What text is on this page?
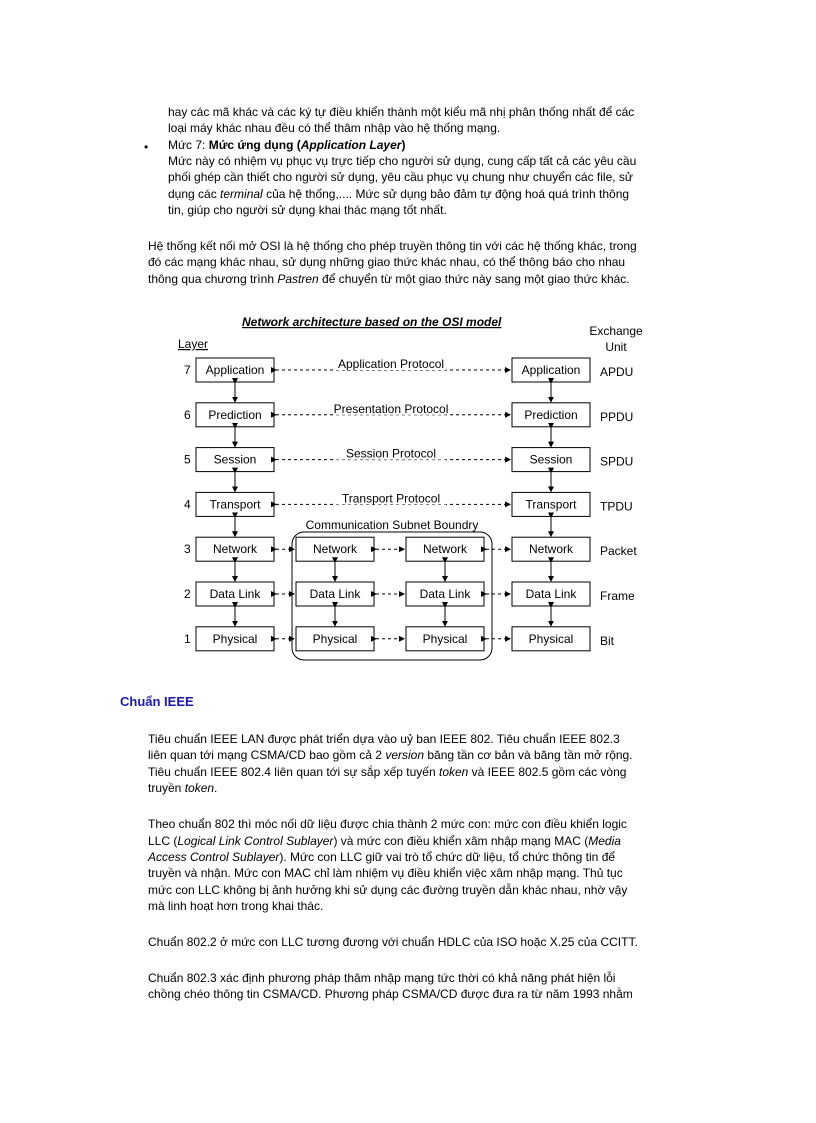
hay các mã khác và các ký tự điều khiển thành một kiểu mã nhị phân thống nhất để các

loại máy khác nhau đều có thể thâm nhập vào hệ thống mạng.

• Mức 7: Mức ứng dụng (Application Layer)

Mức này có nhiệm vụ phục vụ trực tiếp cho người sử dụng, cung cấp tất cả các yêu cầu

phối ghép cần thiết cho người sử dụng, yêu cầu phục vụ chung như chuyển các file, sử

dụng các terminal của hệ thống,.... Mức sử dụng bảo đảm tự động hoá quá trình thông

tin, giúp cho người sử dụng khai thác mạng tốt nhất.

Hệ thống kết nối mở OSI là hệ thống cho phép truyền thông tin với các hệ thống khác, trong

đó các mạng khác nhau, sử dụng những giao thức khác nhau, có thể thông báo cho nhau

thông qua chương trình Pastren để chuyển từ một giao thức này sang một giao thức khác.

Network architecture based on the OSI model
Layer
Exchange
Unit
Communication Subnet Boundry
7 Application	Application APDU
Application Protocol
6 Prediction	Prediction PPDU
Presentation Protocol
5 Session	Session SPDU
Session Protocol
4 Transport	Transport TPDU
Transport Protocol
3 Network	Network Packet
Network	Network
2 Data Link	Data Link Frame
Data Link	Data Link
1 Physical	Physical Bit
Physical	Physical
Chuẩn IEEE

Tiêu chuẩn IEEE LAN được phát triển dựa vào uỷ ban IEEE 802. Tiêu chuẩn IEEE 802.3

liên quan tới mạng CSMA/CD bao gồm cả 2 version băng tần cơ bản và băng tần mở rộng.

Tiêu chuẩn IEEE 802.4 liên quan tới sự sắp xếp tuyến token và IEEE 802.5 gồm các vòng

truyền token.

Theo chuẩn 802 thì móc nối dữ liệu được chia thành 2 mức con: mức con điều khiển logic

LLC (Logical Link Control Sublayer) và mức con điều khiển xâm nhập mạng MAC (Media

Access Control Sublayer). Mức con LLC giữ vai trò tổ chức dữ liệu, tổ chức thông tin để

truyền và nhận. Mức con MAC chỉ làm nhiệm vụ điều khiển việc xâm nhập mạng. Thủ tục

mức con LLC không bị ảnh hưởng khi sử dụng các đường truyền dẫn khác nhau, nhờ vậy

mà linh hoạt hơn trong khai thác.

Chuẩn 802.2 ở mức con LLC tương đương với chuẩn HDLC của ISO hoặc X.25 của CCITT.

Chuẩn 802.3 xác định phương pháp thâm nhập mạng tức thời có khả năng phát hiện lỗi

chồng chéo thông tin CSMA/CD. Phương pháp CSMA/CD được đưa ra từ năm 1993 nhằm
